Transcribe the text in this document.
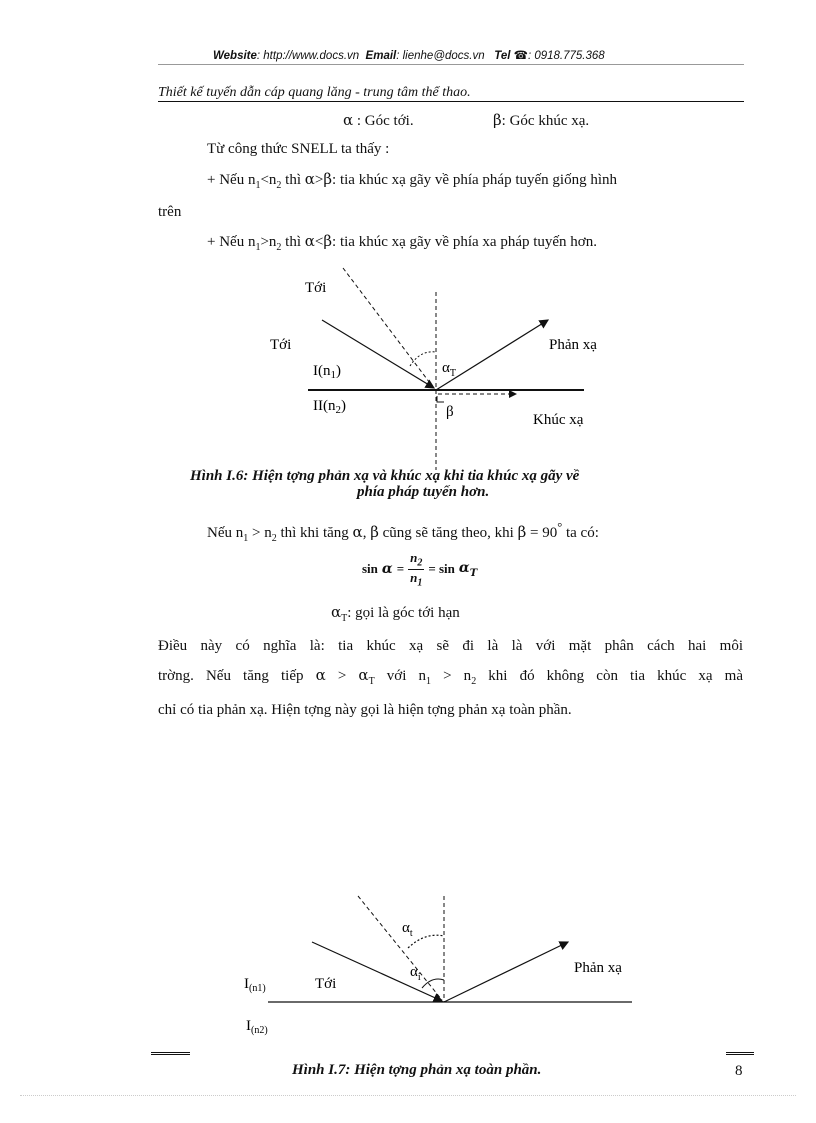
Website: http://www.docs.vn Email: lienhe@docs.vn Tel ☎: 0918.775.368
Thiết kế tuyến dẫn cáp quang lăng - trung tâm thể thao.
α : Góc tới.	β: Góc khúc xạ.
Từ công thức SNELL ta thấy :
+ Nếu $n_1<n_2$ thì α>β: tia khúc xạ gãy về phía pháp tuyến giống hình
trên
+ Nếu $n_1>n_2$ thì α<β: tia khúc xạ gãy về phía xa pháp tuyến hơn.
Tới
Tới	Phản xạ
Khúc xạ
$I(n_1)$
$II(n_2)$
$\alpha_T$
β
Hình I.6: Hiện tợng phản xạ và khúc xạ khi tia khúc xạ gãy về
phía pháp tuyến hơn.
Nếu $n_1 > n_2$ thì khi tăng α, β cũng sẽ tăng theo, khi β = 90° ta có:
$\sin \alpha = \frac{n_2}{n_1} = \sin \alpha_T$
$\alpha_T$: gọi là góc tới hạn
Điều này có nghĩa là: tia khúc xạ sẽ đi là là với mặt phân cách hai môi
trờng. Nếu tăng tiếp $\alpha > \alpha_T$ với $n_1 > n_2$ khi đó không còn tia khúc xạ mà
chỉ có tia phản xạ. Hiện tợng này gọi là hiện tợng phản xạ toàn phần.
$\alpha_t$
$\alpha_i$
Phản xạ
Tới
$I_{(n1)}$
$I_{(n2)}$
Hình I.7: Hiện tợng phản xạ toàn phần.	8
